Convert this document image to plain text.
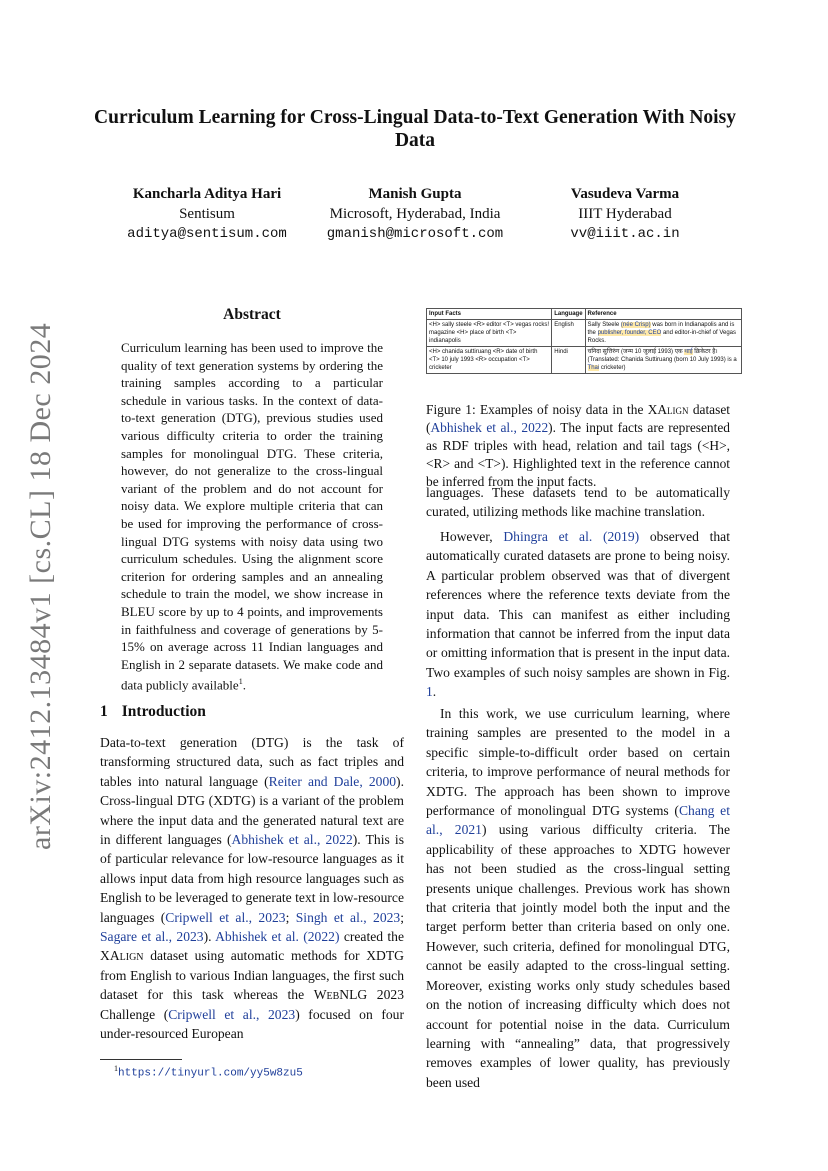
arXiv:2412.13484v1 [cs.CL] 18 Dec 2024
Curriculum Learning for Cross-Lingual Data-to-Text Generation With Noisy Data
Kancharla Aditya Hari
Sentisum
aditya@sentisum.com
Manish Gupta
Microsoft, Hyderabad, India
gmanish@microsoft.com
Vasudeva Varma
IIIT Hyderabad
vv@iiit.ac.in
Abstract
Curriculum learning has been used to improve the quality of text generation systems by ordering the training samples according to a particular schedule in various tasks. In the context of data-to-text generation (DTG), previous studies used various difficulty criteria to order the training samples for monolingual DTG. These criteria, however, do not generalize to the cross-lingual variant of the problem and do not account for noisy data. We explore multiple criteria that can be used for improving the performance of cross-lingual DTG systems with noisy data using two curriculum schedules. Using the alignment score criterion for ordering samples and an annealing schedule to train the model, we show increase in BLEU score by up to 4 points, and improvements in faithfulness and coverage of generations by 5-15% on average across 11 Indian languages and English in 2 separate datasets. We make code and data publicly available$^1$.
1 Introduction

Data-to-text generation (DTG) is the task of transforming structured data, such as fact triples and tables into natural language (Reiter and Dale, 2000). Cross-lingual DTG (XDTG) is a variant of the problem where the input data and the generated natural text are in different languages (Abhishek et al., 2022). This is of particular relevance for low-resource languages as it allows input data from high resource languages such as English to be leveraged to generate text in low-resource languages (Cripwell et al., 2023; Singh et al., 2023; Sagare et al., 2023). Abhishek et al. (2022) created the XAlign dataset using automatic methods for XDTG from English to various Indian languages, the first such dataset for this task whereas the WebNLG 2023 Challenge (Cripwell et al., 2023) focused on four under-resourced European

$^1$https://tinyurl.com/yy5w8zu5
Input Facts	Language	Reference
<H> sally steele <R> editor <T> vegas rocks! magazine <H> place of birth <T> indianapolis	English	Sally Steele (née Crisp) was born in Indianapolis and is the publisher, founder, CEO and editor-in-chief of Vegas Rocks.
<H> chanida suttiruang <R> date of birth <T> 10 july 1993 <R> occupation <T> cricketer	Hindi	चनिदा सुत्तिरुंग (जन्म 10 जुलाई 1993) एक थाई क्रिकेटर है। (Translated: Chanida Suttiruang (born 10 July 1993) is a Thai cricketer)

Figure 1: Examples of noisy data in the XAlign dataset (Abhishek et al., 2022). The input facts are represented as RDF triples with head, relation and tail tags (<H>, <R> and <T>). Highlighted text in the reference cannot be inferred from the input facts.

languages. These datasets tend to be automatically curated, utilizing methods like machine translation.

However, Dhingra et al. (2019) observed that automatically curated datasets are prone to being noisy. A particular problem observed was that of divergent references where the reference texts deviate from the input data. This can manifest as either including information that cannot be inferred from the input data or omitting information that is present in the input data. Two examples of such noisy samples are shown in Fig. 1.

In this work, we use curriculum learning, where training samples are presented to the model in a specific simple-to-difficult order based on certain criteria, to improve performance of neural methods for XDTG. The approach has been shown to improve performance of monolingual DTG systems (Chang et al., 2021) using various difficulty criteria. The applicability of these approaches to XDTG however has not been studied as the cross-lingual setting presents unique challenges. Previous work has shown that criteria that jointly model both the input and the target perform better than criteria based on only one. However, such criteria, defined for monolingual DTG, cannot be easily adapted to the cross-lingual setting. Moreover, existing works only study schedules based on the notion of increasing difficulty which does not account for potential noise in the data. Curriculum learning with “annealing” data, that progressively removes examples of lower quality, has previously been used
